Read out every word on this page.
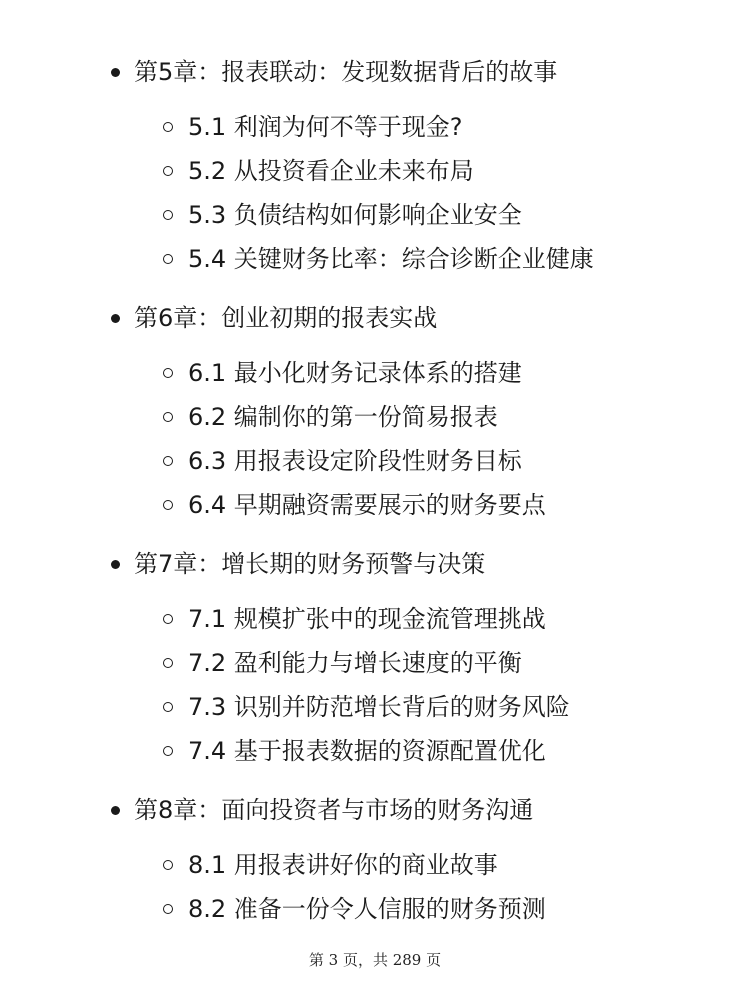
第5章：报表联动：发现数据背后的故事
5.1 利润为何不等于现金?
5.2 从投资看企业未来布局
5.3 负债结构如何影响企业安全
5.4 关键财务比率：综合诊断企业健康
第6章：创业初期的报表实战
6.1 最小化财务记录体系的搭建
6.2 编制你的第一份简易报表
6.3 用报表设定阶段性财务目标
6.4 早期融资需要展示的财务要点
第7章：增长期的财务预警与决策
7.1 规模扩张中的现金流管理挑战
7.2 盈利能力与增长速度的平衡
7.3 识别并防范增长背后的财务风险
7.4 基于报表数据的资源配置优化
第8章：面向投资者与市场的财务沟通
8.1 用报表讲好你的商业故事
8.2 准备一份令人信服的财务预测
第 3 页，共 289 页
